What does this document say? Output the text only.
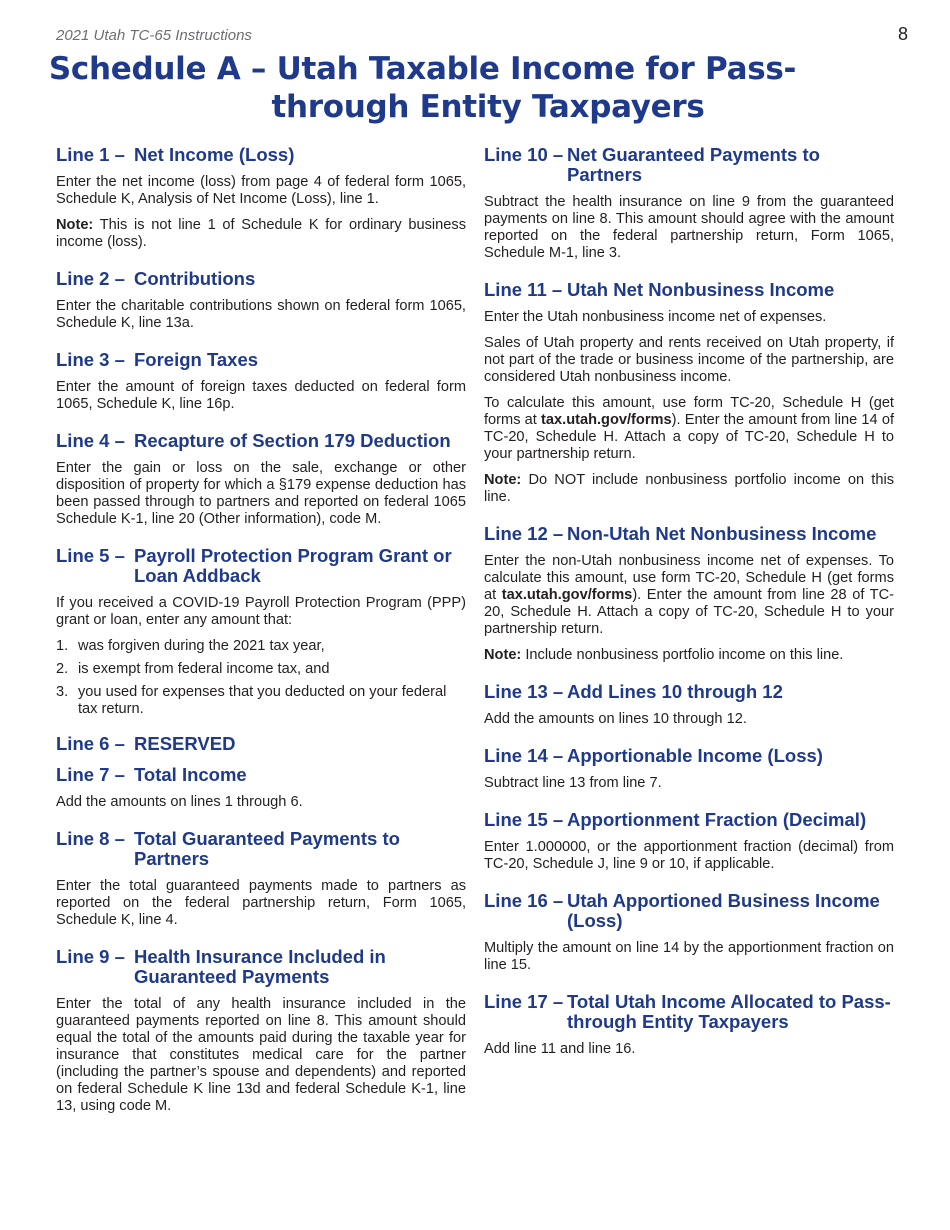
2021 Utah TC-65 Instructions	8
Schedule A – Utah Taxable Income for Pass-
through Entity Taxpayers
Line 1 – Net Income (Loss)

Enter the net income (loss) from page 4 of federal form 1065, Schedule K, Analysis of Net Income (Loss), line 1.

Note: This is not line 1 of Schedule K for ordinary business income (loss).

Line 2 – Contributions

Enter the charitable contributions shown on federal form 1065, Schedule K, line 13a.

Line 3 – Foreign Taxes

Enter the amount of foreign taxes deducted on federal form 1065, Schedule K, line 16p.

Line 4 – Recapture of Section 179 Deduction

Enter the gain or loss on the sale, exchange or other disposition of property for which a §179 expense deduction has been passed through to partners and reported on federal 1065 Schedule K-1, line 20 (Other information), code M.

Line 5 – Payroll Protection Program Grant or Loan Addback

If you received a COVID-19 Payroll Protection Program (PPP) grant or loan, enter any amount that:

1. was forgiven during the 2021 tax year,
2. is exempt from federal income tax, and
3. you used for expenses that you deducted on your federal tax return.
Line 6 – RESERVED
Line 7 – Total Income

Add the amounts on lines 1 through 6.

Line 8 – Total Guaranteed Payments to Partners

Enter the total guaranteed payments made to partners as reported on the federal partnership return, Form 1065, Schedule K, line 4.

Line 9 – Health Insurance Included in Guaranteed Payments

Enter the total of any health insurance included in the guaranteed payments reported on line 8. This amount should equal the total of the amounts paid during the taxable year for insurance that constitutes medical care for the partner (including the partner’s spouse and dependents) and reported on federal Schedule K line 13d and federal Schedule K-1, line 13, using code M.

Line 10 – Net Guaranteed Payments to Partners

Subtract the health insurance on line 9 from the guaranteed payments on line 8. This amount should agree with the amount reported on the federal partnership return, Form 1065, Schedule M-1, line 3.

Line 11 – Utah Net Nonbusiness Income

Enter the Utah nonbusiness income net of expenses.

Sales of Utah property and rents received on Utah property, if not part of the trade or business income of the partnership, are considered Utah nonbusiness income.

To calculate this amount, use form TC-20, Schedule H (get forms at tax.utah.gov/forms). Enter the amount from line 14 of TC-20, Schedule H. Attach a copy of TC-20, Schedule H to your partnership return.

Note: Do NOT include nonbusiness portfolio income on this line.

Line 12 – Non-Utah Net Nonbusiness Income

Enter the non-Utah nonbusiness income net of expenses. To calculate this amount, use form TC-20, Schedule H (get forms at tax.utah.gov/forms). Enter the amount from line 28 of TC-20, Schedule H. Attach a copy of TC-20, Schedule H to your partnership return.

Note: Include nonbusiness portfolio income on this line.

Line 13 – Add Lines 10 through 12

Add the amounts on lines 10 through 12.

Line 14 – Apportionable Income (Loss)

Subtract line 13 from line 7.

Line 15 – Apportionment Fraction (Decimal)

Enter 1.000000, or the apportionment fraction (decimal) from TC-20, Schedule J, line 9 or 10, if applicable.

Line 16 – Utah Apportioned Business Income (Loss)

Multiply the amount on line 14 by the apportionment fraction on line 15.

Line 17 – Total Utah Income Allocated to Pass-through Entity Taxpayers

Add line 11 and line 16.
